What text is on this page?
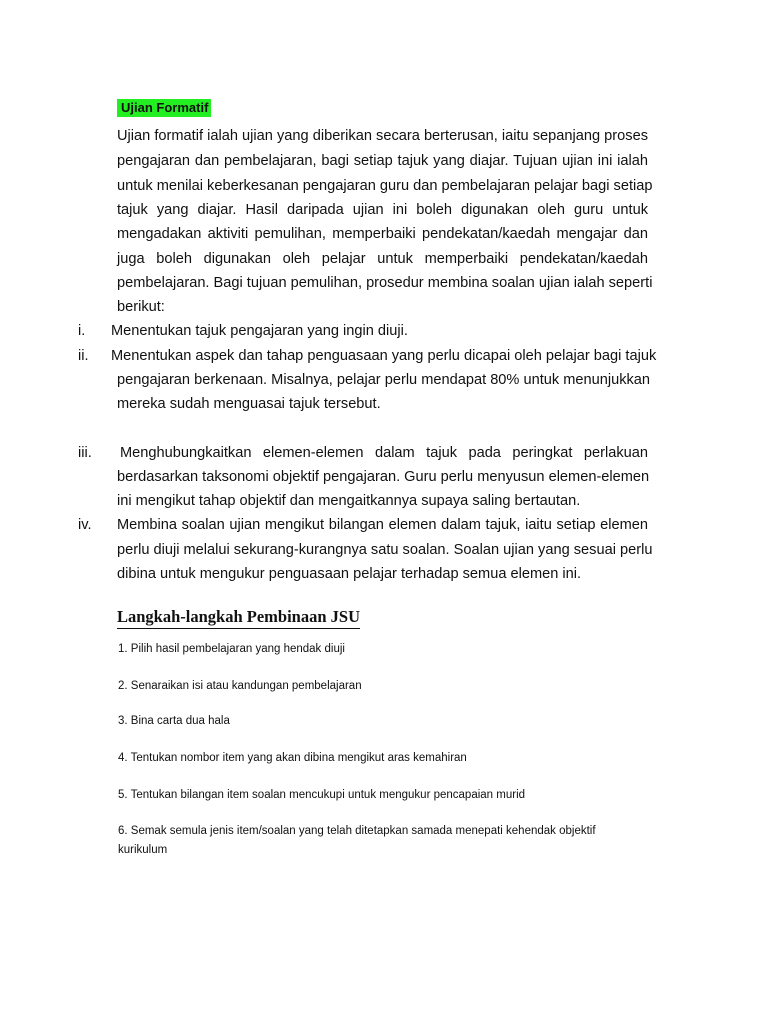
Ujian Formatif
Ujian formatif ialah ujian yang diberikan secara berterusan, iaitu sepanjang proses
pengajaran dan pembelajaran, bagi setiap tajuk yang diajar. Tujuan ujian ini ialah
untuk menilai keberkesanan pengajaran guru dan pembelajaran pelajar bagi setiap
tajuk yang diajar. Hasil daripada ujian ini boleh digunakan oleh guru untuk
mengadakan aktiviti pemulihan, memperbaiki pendekatan/kaedah mengajar dan
juga boleh digunakan oleh pelajar untuk memperbaiki pendekatan/kaedah
pembelajaran. Bagi tujuan pemulihan, prosedur membina soalan ujian ialah seperti
berikut:
i. Menentukan tajuk pengajaran yang ingin diuji.
ii. Menentukan aspek dan tahap penguasaan yang perlu dicapai oleh pelajar bagi tajuk
pengajaran berkenaan. Misalnya, pelajar perlu mendapat 80% untuk menunjukkan
mereka sudah menguasai tajuk tersebut.
iii. Menghubungkaitkan elemen-elemen dalam tajuk pada peringkat perlakuan
berdasarkan taksonomi objektif pengajaran. Guru perlu menyusun elemen-elemen
ini mengikut tahap objektif dan mengaitkannya supaya saling bertautan.
iv. Membina soalan ujian mengikut bilangan elemen dalam tajuk, iaitu setiap elemen
perlu diuji melalui sekurang-kurangnya satu soalan. Soalan ujian yang sesuai perlu
dibina untuk mengukur penguasaan pelajar terhadap semua elemen ini.
Langkah-langkah Pembinaan JSU
1. Pilih hasil pembelajaran yang hendak diuji
2. Senaraikan isi atau kandungan pembelajaran
3. Bina carta dua hala
4. Tentukan nombor item yang akan dibina mengikut aras kemahiran
5. Tentukan bilangan item soalan mencukupi untuk mengukur pencapaian murid
6. Semak semula jenis item/soalan yang telah ditetapkan samada menepati kehendak objektif
kurikulum
